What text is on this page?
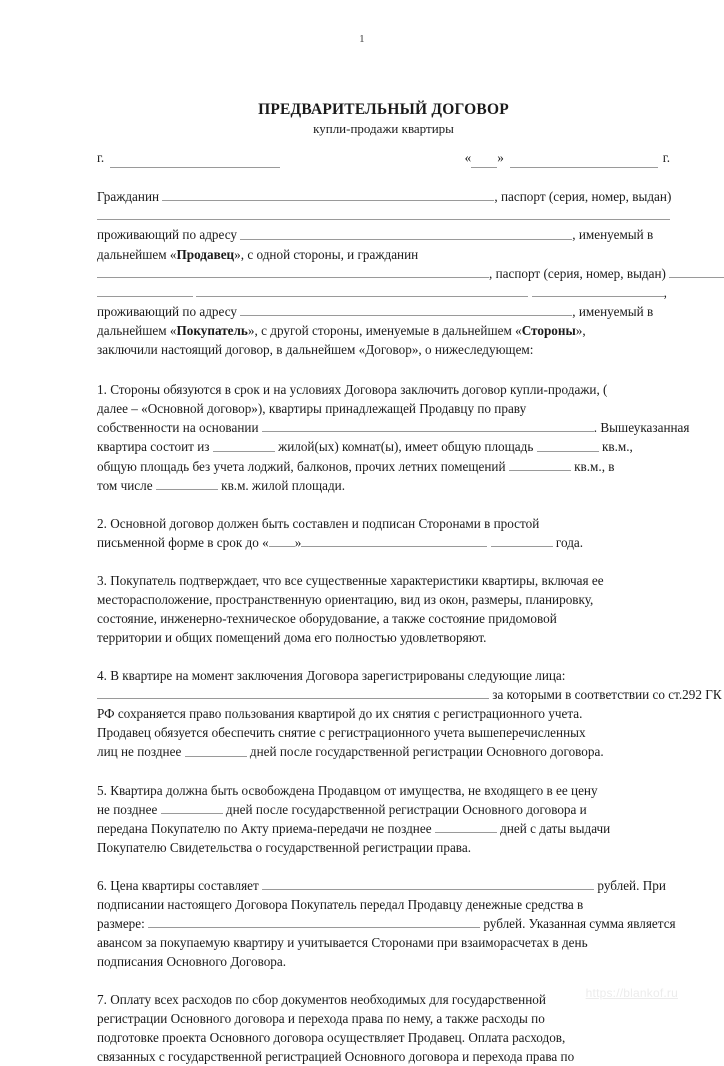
1
ПРЕДВАРИТЕЛЬНЫЙ ДОГОВОР

купли-продажи квартиры

г.	« »	г.

Гражданин	, паспорт (серия, номер, выдан)
проживающий по адресу	, именуемый в
дальнейшем «Продавец», с одной стороны, и гражданин
, паспорт (серия, номер, выдан)
,
проживающий по адресу	, именуемый в
дальнейшем «Покупатель», с другой стороны, именуемые в дальнейшем «Стороны»,
заключили настоящий договор, в дальнейшем «Договор», о нижеследующем:

1. Стороны обязуются в срок и на условиях Договора заключить договор купли-продажи, (
далее – «Основной договор»), квартиры принадлежащей Продавцу по праву
собственности на основании	. Вышеуказанная
квартира состоит из	жилой(ых) комнат(ы), имеет общую площадь	кв.м.,
общую площадь без учета лоджий, балконов, прочих летних помещений	кв.м., в
том числе	кв.м. жилой площади.

2. Основной договор должен быть составлен и подписан Сторонами в простой
письменной форме в срок до « »	года.

3. Покупатель подтверждает, что все существенные характеристики квартиры, включая ее
месторасположение, пространственную ориентацию, вид из окон, размеры, планировку,
состояние, инженерно-техническое оборудование, а также состояние придомовой
территории и общих помещений дома его полностью удовлетворяют.

4. В квартире на момент заключения Договора зарегистрированы следующие лица:
за которыми в соответствии со ст.292 ГК
РФ сохраняется право пользования квартирой до их снятия с регистрационного учета.
Продавец обязуется обеспечить снятие с регистрационного учета вышеперечисленных
лиц не позднее	дней после государственной регистрации Основного договора.

5. Квартира должна быть освобождена Продавцом от имущества, не входящего в ее цену
не позднее	дней после государственной регистрации Основного договора и
передана Покупателю по Акту приема-передачи не позднее	дней с даты выдачи
Покупателю Свидетельства о государственной регистрации права.

6. Цена квартиры составляет	рублей. При
подписании настоящего Договора Покупатель передал Продавцу денежные средства в
размере:	рублей. Указанная сумма является
авансом за покупаемую квартиру и учитывается Сторонами при взаиморасчетах в день
подписания Основного Договора.

7. Оплату всех расходов по сбор документов необходимых для государственной
регистрации Основного договора и перехода права по нему, а также расходы по
подготовке проекта Основного договора осуществляет Продавец. Оплата расходов,
связанных с государственной регистрацией Основного договора и перехода права по

https://blankof.ru
